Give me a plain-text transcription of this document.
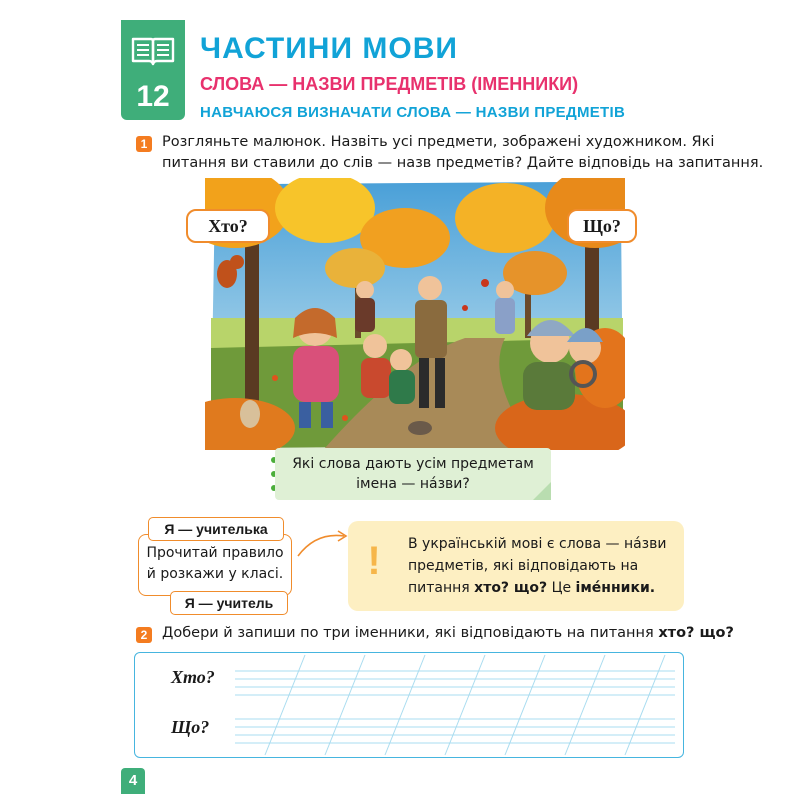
12
ЧАСТИНИ МОВИ
СЛОВА — НАЗВИ ПРЕДМЕТІВ (ІМЕННИКИ)
НАВЧАЮСЯ ВИЗНАЧАТИ СЛОВА — НАЗВИ ПРЕДМЕТІВ
1	Розгляньте малюнок. Назвіть усі предмети, зображені художником. Які
питання ви ставили до слів — назв предметів? Дайте відповідь на запитання.
Хто?	Що?
Які слова дають усім предметам
імена — на́зви?
Прочитай правило
й розкажи у класі.
Я — учителька
Я — учитель
!	В українській мові є слова — на́зви
предметів, які відповідають на
питання хто? що? Це імéнники.
2	Добери й запиши по три іменники, які відповідають на питання хто? що?
Хто?
Що?
4
